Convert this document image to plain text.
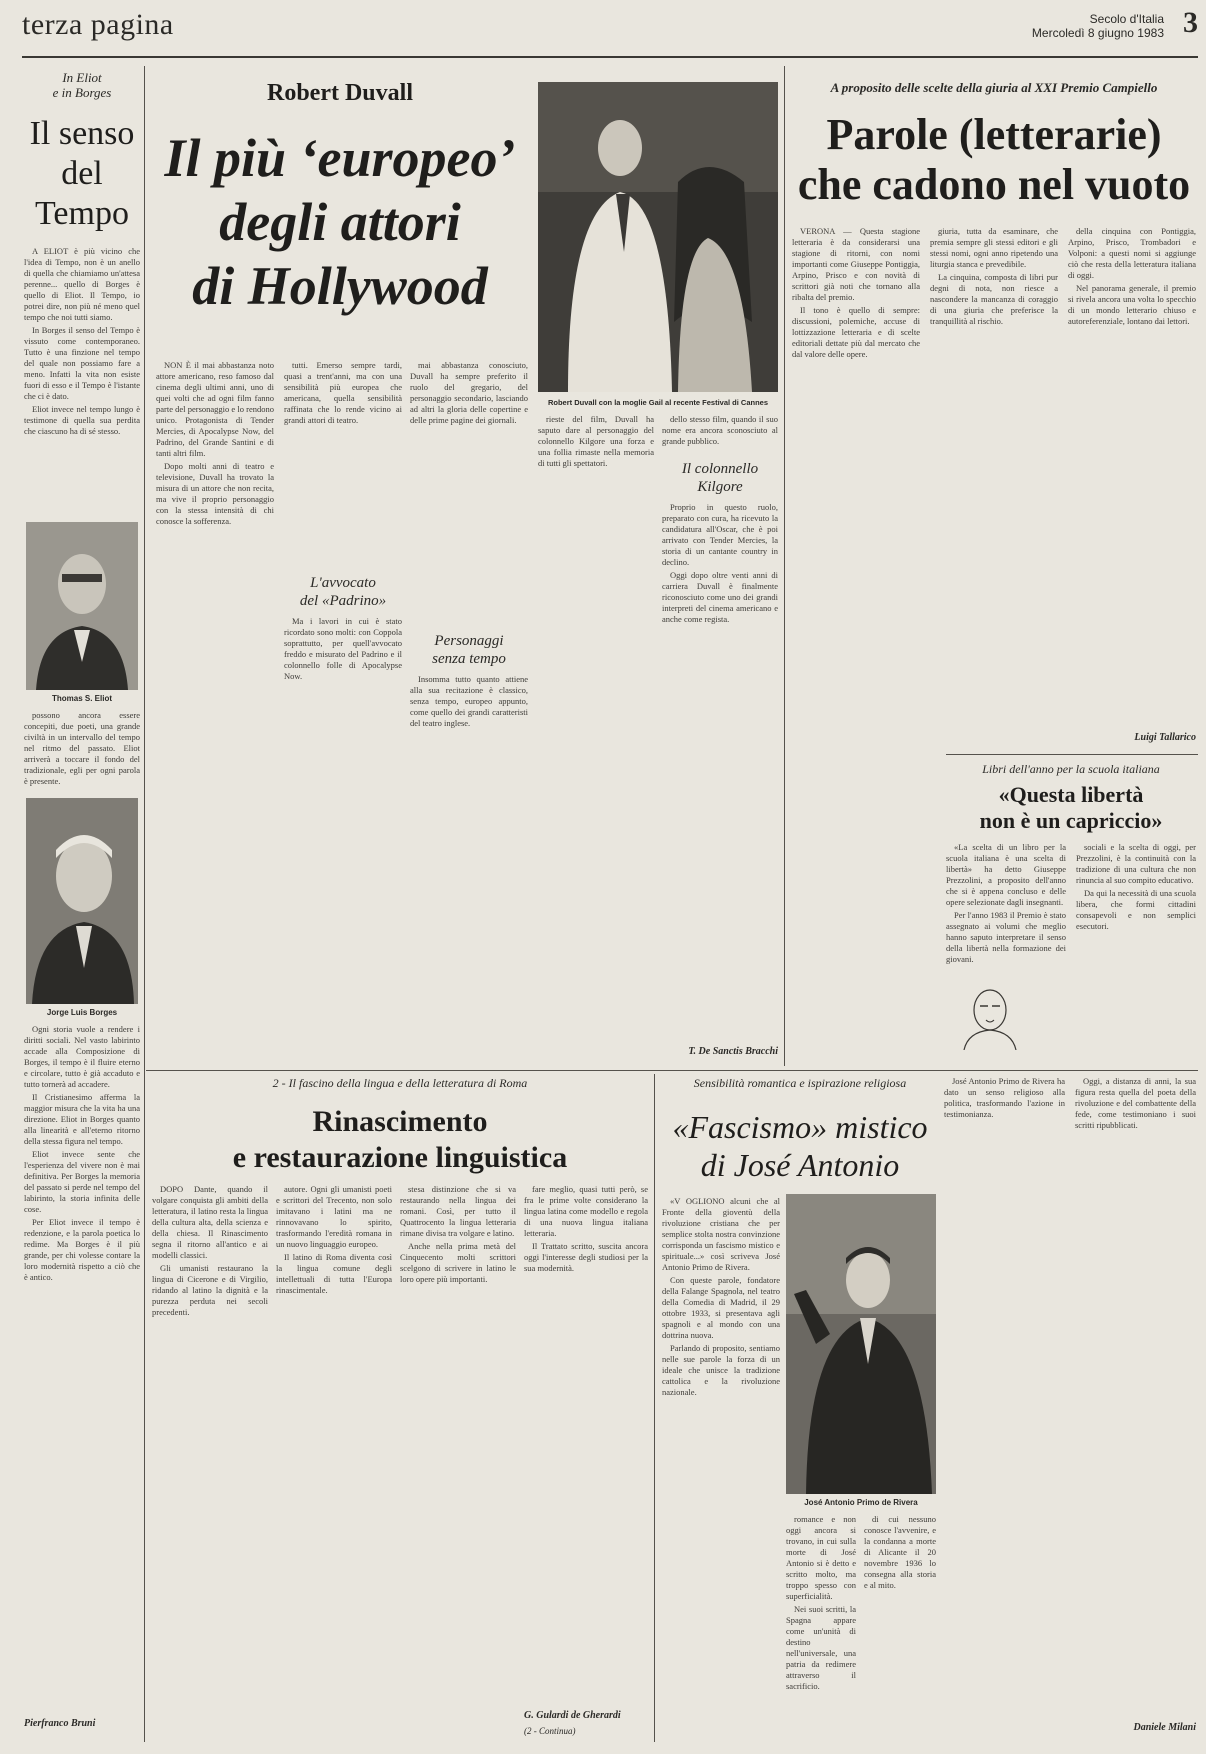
terza pagina	Secolo d'Italia
Mercoledì 8 giugno 1983 3
In Eliot
e in Borges
Il senso
del
Tempo

A ELIOT è più vicino che l'idea di Tempo, non è un anello di quella che chiamiamo un'attesa perenne... quello di Borges è quello di Eliot. Il Tempo, io potrei dire, non più né meno quel tempo che noi tutti siamo.

In Borges il senso del Tempo è vissuto come contemporaneo. Tutto è una finzione nel tempo del quale non possiamo fare a meno. Infatti la vita non esiste fuori di esso e il Tempo è l'istante che ci è dato.

Eliot invece nel tempo lungo è testimone di quella sua perdita che ciascuno ha di sé stesso.

Thomas S. Eliot

possono ancora essere concepiti, due poeti, una grande civiltà in un intervallo del tempo nel ritmo del passato. Eliot arriverà a toccare il fondo del tradizionale, egli per ogni parola è presente.

Jorge Luis Borges

Ogni storia vuole a rendere i diritti sociali. Nel vasto labirinto accade alla Composizione di Borges, il tempo è il fluire eterno e circolare, tutto è già accaduto e tutto tornerà ad accadere.

Il Cristianesimo afferma la maggior misura che la vita ha una direzione. Eliot in Borges quanto alla linearità e all'eterno ritorno della stessa figura nel tempo.

Eliot invece sente che l'esperienza del vivere non è mai definitiva. Per Borges la memoria del passato si perde nel tempo del labirinto, la storia infinita delle cose.

Per Eliot invece il tempo è redenzione, e la parola poetica lo redime. Ma Borges è il più grande, per chi volesse contare la loro modernità rispetto a ciò che è antico.

Pierfranco Bruni
Robert Duvall
Il più ‘europeo’
degli attori
di Hollywood
Robert Duvall con la moglie Gail al recente Festival di Cannes

NON È il mai abbastanza noto attore americano, reso famoso dal cinema degli ultimi anni, uno di quei volti che ad ogni film fanno parte del personaggio e lo rendono unico. Protagonista di Tender Mercies, di Apocalypse Now, del Padrino, del Grande Santini e di tanti altri film.

Dopo molti anni di teatro e televisione, Duvall ha trovato la misura di un attore che non recita, ma vive il proprio personaggio con la stessa intensità di chi conosce la sofferenza.

tutti. Emerso sempre tardi, quasi a trent'anni, ma con una sensibilità più europea che americana, quella sensibilità raffinata che lo rende vicino ai grandi attori di teatro.

L'avvocato
del «Padrino»

Ma i lavori in cui è stato ricordato sono molti: con Coppola soprattutto, per quell'avvocato freddo e misurato del Padrino e il colonnello folle di Apocalypse Now.

mai abbastanza conosciuto, Duvall ha sempre preferito il ruolo del gregario, del personaggio secondario, lasciando ad altri la gloria delle copertine e delle prime pagine dei giornali.

Personaggi
senza tempo

Insomma tutto quanto attiene alla sua recitazione è classico, senza tempo, europeo appunto, come quello dei grandi caratteristi del teatro inglese.

rieste del film, Duvall ha saputo dare al personaggio del colonnello Kilgore una forza e una follia rimaste nella memoria di tutti gli spettatori.

dello stesso film, quando il suo nome era ancora sconosciuto al grande pubblico.

Il colonnello
Kilgore

Proprio in questo ruolo, preparato con cura, ha ricevuto la candidatura all'Oscar, che è poi arrivato con Tender Mercies, la storia di un cantante country in declino.

Oggi dopo oltre venti anni di carriera Duvall è finalmente riconosciuto come uno dei grandi interpreti del cinema americano e anche come regista.

T. De Sanctis Bracchi
A proposito delle scelte della giuria al XXI Premio Campiello
Parole (letterarie)
che cadono nel vuoto

VERONA — Questa stagione letteraria è da considerarsi una stagione di ritorni, con nomi importanti come Giuseppe Pontiggia, Arpino, Prisco e con novità di scrittori già noti che tornano alla ribalta del premio.

Il tono è quello di sempre: discussioni, polemiche, accuse di lottizzazione letteraria e di scelte editoriali dettate più dal mercato che dal valore delle opere.

giuria, tutta da esaminare, che premia sempre gli stessi editori e gli stessi nomi, ogni anno ripetendo una liturgia stanca e prevedibile.

La cinquina, composta di libri pur degni di nota, non riesce a nascondere la mancanza di coraggio di una giuria che preferisce la tranquillità al rischio.

della cinquina con Pontiggia, Arpino, Prisco, Trombadori e Volponi: a questi nomi si aggiunge ciò che resta della letteratura italiana di oggi.

Nel panorama generale, il premio si rivela ancora una volta lo specchio di un mondo letterario chiuso e autoreferenziale, lontano dai lettori.

Luigi Tallarico
Libri dell'anno per la scuola italiana
«Questa libertà
non è un capriccio»

«La scelta di un libro per la scuola italiana è una scelta di libertà» ha detto Giuseppe Prezzolini, a proposito dell'anno che si è appena concluso e delle opere selezionate dagli insegnanti.

Per l'anno 1983 il Premio è stato assegnato ai volumi che meglio hanno saputo interpretare il senso della libertà nella formazione dei giovani.

sociali e la scelta di oggi, per Prezzolini, è la continuità con la tradizione di una cultura che non rinuncia al suo compito educativo.

Da qui la necessità di una scuola libera, che formi cittadini consapevoli e non semplici esecutori.

2 - Il fascino della lingua e della letteratura di Roma
Rinascimento
e restaurazione linguistica

DOPO Dante, quando il volgare conquista gli ambiti della letteratura, il latino resta la lingua della cultura alta, della scienza e della chiesa. Il Rinascimento segna il ritorno all'antico e ai modelli classici.

Gli umanisti restaurano la lingua di Cicerone e di Virgilio, ridando al latino la dignità e la purezza perduta nei secoli precedenti.

autore. Ogni gli umanisti poeti e scrittori del Trecento, non solo imitavano i latini ma ne rinnovavano lo spirito, trasformando l'eredità romana in un nuovo linguaggio europeo.

Il latino di Roma diventa così la lingua comune degli intellettuali di tutta l'Europa rinascimentale.

stesa distinzione che si va restaurando nella lingua dei romani. Così, per tutto il Quattrocento la lingua letteraria rimane divisa tra volgare e latino.

Anche nella prima metà del Cinquecento molti scrittori scelgono di scrivere in latino le loro opere più importanti.

fare meglio, quasi tutti però, se fra le prime volte considerano la lingua latina come modello e regola di una nuova lingua italiana letteraria.

Il Trattato scritto, suscita ancora oggi l'interesse degli studiosi per la sua modernità.

G. Gulardi de Gherardi
(2 - Continua)
Sensibilità romantica e ispirazione religiosa
«Fascismo» mistico
di José Antonio

«V OGLIONO alcuni che al Fronte della gioventù della rivoluzione cristiana che per semplice stolta nostra convinzione corrisponda un fascismo mistico e spirituale...» così scriveva José Antonio Primo de Rivera.

Con queste parole, fondatore della Falange Spagnola, nel teatro della Comedia di Madrid, il 29 ottobre 1933, si presentava agli spagnoli e al mondo con una dottrina nuova.

Parlando di proposito, sentiamo nelle sue parole la forza di un ideale che unisce la tradizione cattolica e la rivoluzione nazionale.

José Antonio Primo de Rivera

romance e non oggi ancora si trovano, in cui sulla morte di José Antonio si è detto e scritto molto, ma troppo spesso con superficialità.

Nei suoi scritti, la Spagna appare come un'unità di destino nell'universale, una patria da redimere attraverso il sacrificio.

di cui nessuno conosce l'avvenire, e la condanna a morte di Alicante il 20 novembre 1936 lo consegna alla storia e al mito.

José Antonio Primo de Rivera ha dato un senso religioso alla politica, trasformando l'azione in testimonianza.

Oggi, a distanza di anni, la sua figura resta quella del poeta della rivoluzione e del combattente della fede, come testimoniano i suoi scritti ripubblicati.

Daniele Milani
